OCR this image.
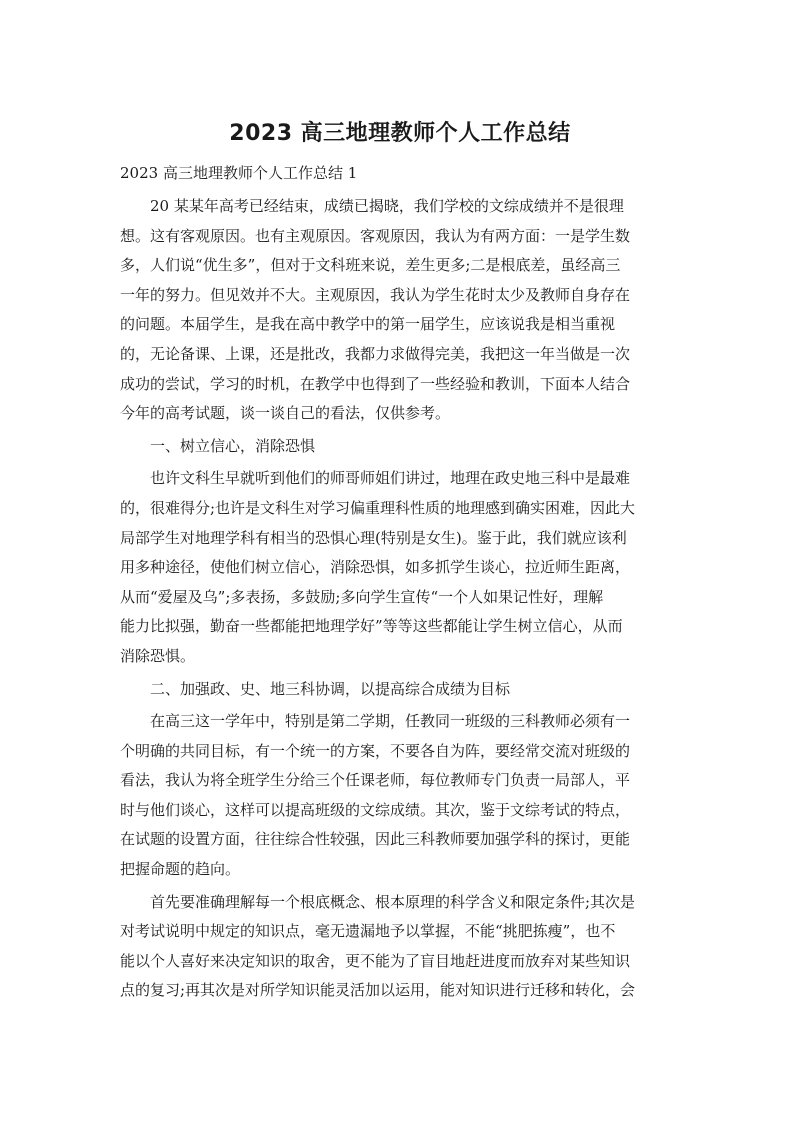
2023 高三地理教师个人工作总结
2023 高三地理教师个人工作总结 1

20 某某年高考已经结束，成绩已揭晓，我们学校的文综成绩并不是很理
想。这有客观原因。也有主观原因。客观原因，我认为有两方面：一是学生数
多，人们说“优生多”，但对于文科班来说，差生更多;二是根底差，虽经高三
一年的努力。但见效并不大。主观原因，我认为学生花时太少及教师自身存在
的问题。本届学生，是我在高中教学中的第一届学生，应该说我是相当重视
的，无论备课、上课，还是批改，我都力求做得完美，我把这一年当做是一次
成功的尝试，学习的时机，在教学中也得到了一些经验和教训，下面本人结合
今年的高考试题，谈一谈自己的看法，仅供参考。

一、树立信心，消除恐惧

也许文科生早就听到他们的师哥师姐们讲过，地理在政史地三科中是最难
的，很难得分;也许是文科生对学习偏重理科性质的地理感到确实困难，因此大
局部学生对地理学科有相当的恐惧心理(特别是女生)。鉴于此，我们就应该利
用多种途径，使他们树立信心，消除恐惧，如多抓学生谈心，拉近师生距离，
从而“爱屋及乌”;多表扬，多鼓励;多向学生宣传“一个人如果记性好，理解
能力比拟强，勤奋一些都能把地理学好”等等这些都能让学生树立信心，从而
消除恐惧。

二、加强政、史、地三科协调，以提高综合成绩为目标

在高三这一学年中，特别是第二学期，任教同一班级的三科教师必须有一
个明确的共同目标，有一个统一的方案，不要各自为阵，要经常交流对班级的
看法，我认为将全班学生分给三个任课老师，每位教师专门负责一局部人，平
时与他们谈心，这样可以提高班级的文综成绩。其次，鉴于文综考试的特点，
在试题的设置方面，往往综合性较强，因此三科教师要加强学科的探讨，更能
把握命题的趋向。

首先要准确理解每一个根底概念、根本原理的科学含义和限定条件;其次是
对考试说明中规定的知识点，毫无遗漏地予以掌握，不能“挑肥拣瘦”，也不
能以个人喜好来决定知识的取舍，更不能为了盲目地赶进度而放弃对某些知识
点的复习;再其次是对所学知识能灵活加以运用，能对知识进行迁移和转化，会
